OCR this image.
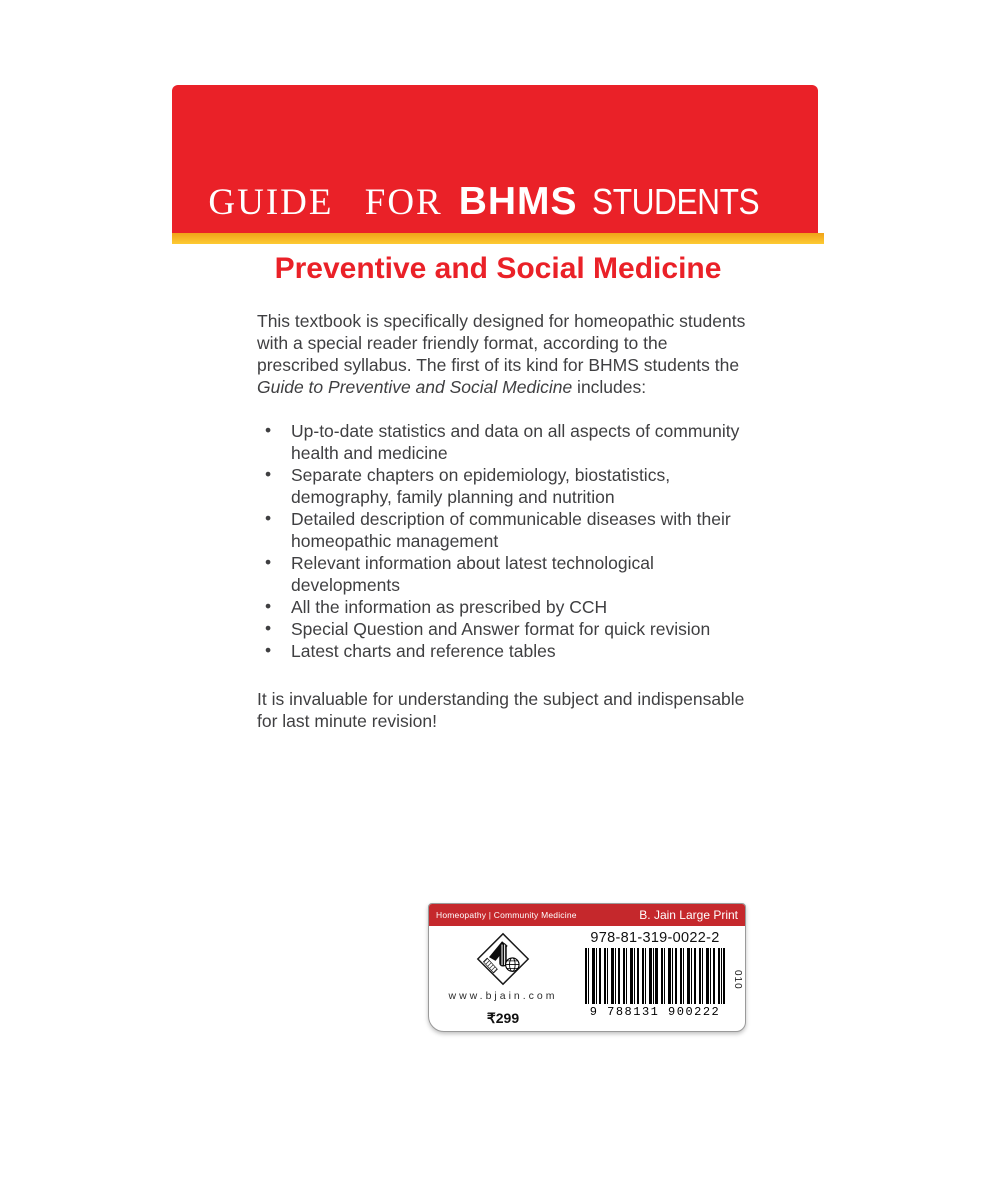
GUIDE FOR BHMS STUDENTS
Preventive and Social Medicine

This textbook is specifically designed for homeopathic students with a special reader friendly format, according to the prescribed syllabus. The first of its kind for BHMS students the Guide to Preventive and Social Medicine includes:

• Up-to-date statistics and data on all aspects of community health and medicine
• Separate chapters on epidemiology, biostatistics, demography, family planning and nutrition
• Detailed description of communicable diseases with their homeopathic management
• Relevant information about latest technological developments
• All the information as prescribed by CCH
• Special Question and Answer format for quick revision
• Latest charts and reference tables

It is invaluable for understanding the subject and indispensable for last minute revision!

Homeopathy | Community Medicine	B. Jain Large Print
www.bjain.com
₹299
978-81-319-0022-2
9 788131 900222
010
